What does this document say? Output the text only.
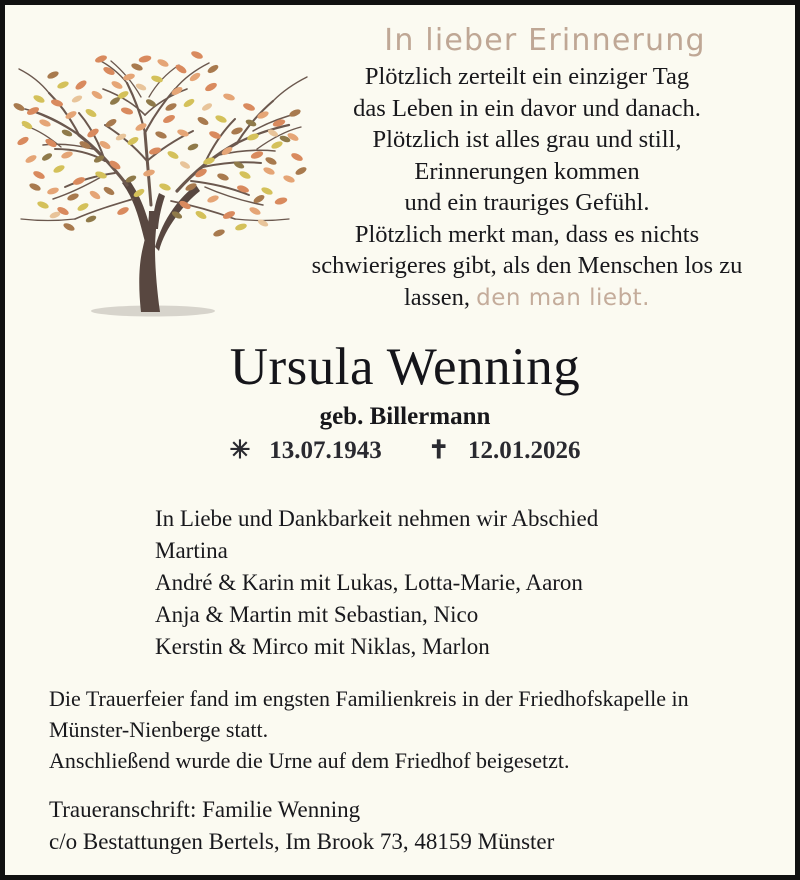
In lieber Erinnerung
Plötzlich zerteilt ein einziger Tag
das Leben in ein davor und danach.
Plötzlich ist alles grau und still,
Erinnerungen kommen
und ein trauriges Gefühl.
Plötzlich merkt man, dass es nichts
schwierigeres gibt, als den Menschen los zu
lassen, den man liebt.
Ursula Wenning
geb. Billermann
✳ 13.07.1943 ✝ 12.01.2026
In Liebe und Dankbarkeit nehmen wir Abschied
Martina
André & Karin mit Lukas, Lotta-Marie, Aaron
Anja & Martin mit Sebastian, Nico
Kerstin & Mirco mit Niklas, Marlon
Die Trauerfeier fand im engsten Familienkreis in der Friedhofskapelle in
Münster-Nienberge statt.
Anschließend wurde die Urne auf dem Friedhof beigesetzt.
Traueranschrift: Familie Wenning
c/o Bestattungen Bertels, Im Brook 73, 48159 Münster
